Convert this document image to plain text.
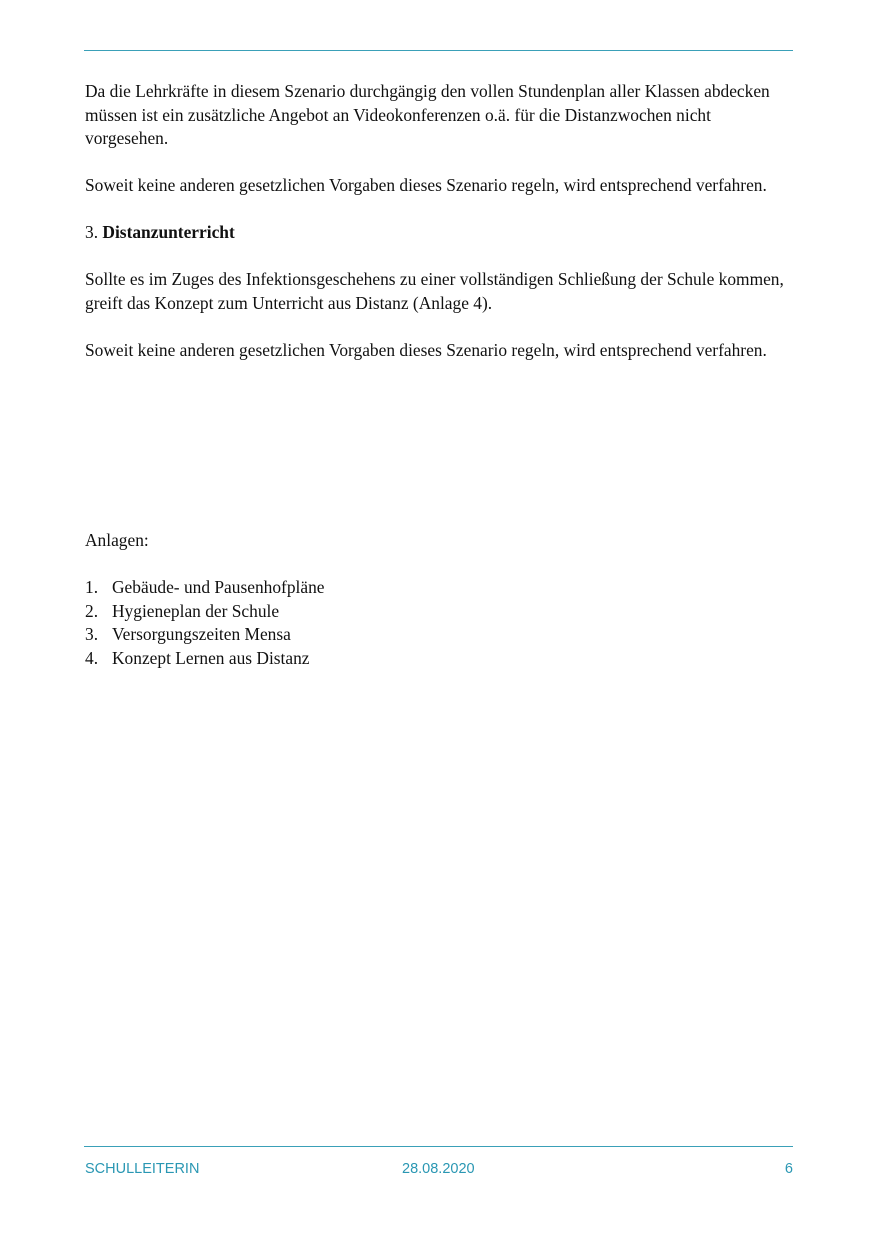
Da die Lehrkräfte in diesem Szenario durchgängig den vollen Stundenplan aller Klassen abdecken müssen ist ein zusätzliche Angebot an Videokonferenzen o.ä. für die Distanzwochen nicht vorgesehen.

Soweit keine anderen gesetzlichen Vorgaben dieses Szenario regeln, wird entsprechend verfahren.

3. Distanzunterricht

Sollte es im Zuges des Infektionsgeschehens zu einer vollständigen Schließung der Schule kommen, greift das Konzept zum Unterricht aus Distanz (Anlage 4).

Soweit keine anderen gesetzlichen Vorgaben dieses Szenario regeln, wird entsprechend verfahren.

Anlagen:
1. Gebäude- und Pausenhofpläne
2. Hygieneplan der Schule
3. Versorgungszeiten Mensa
4. Konzept Lernen aus Distanz
SCHULLEITERIN	28.08.2020	6
